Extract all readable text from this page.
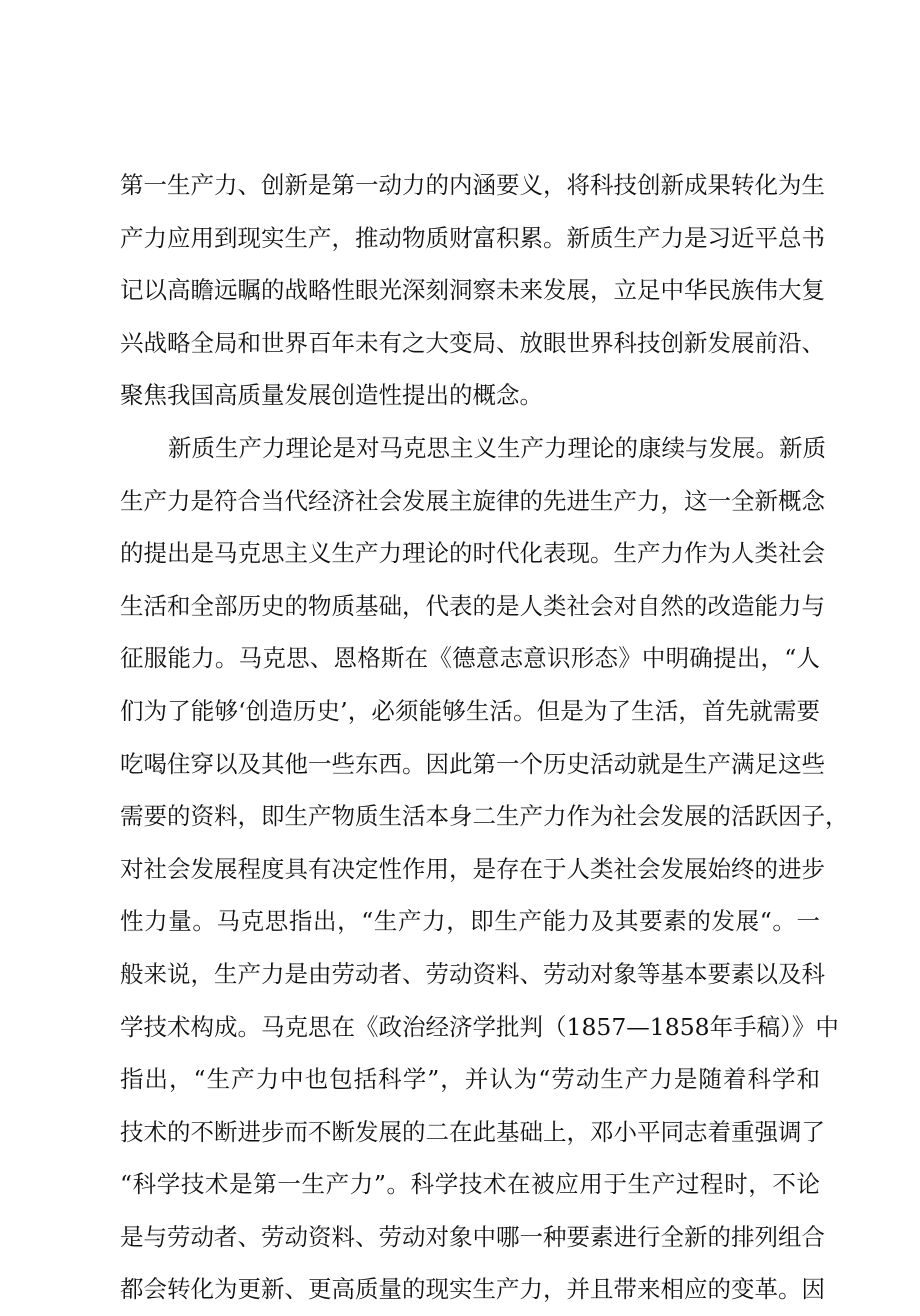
第一生产力、创新是第一动力的内涵要义，将科技创新成果转化为生
产力应用到现实生产，推动物质财富积累。新质生产力是习近平总书
记以高瞻远瞩的战略性眼光深刻洞察未来发展，立足中华民族伟大复
兴战略全局和世界百年未有之大变局、放眼世界科技创新发展前沿、
聚焦我国高质量发展创造性提出的概念。
新质生产力理论是对马克思主义生产力理论的康续与发展。新质
生产力是符合当代经济社会发展主旋律的先进生产力，这一全新概念
的提出是马克思主义生产力理论的时代化表现。生产力作为人类社会
生活和全部历史的物质基础，代表的是人类社会对自然的改造能力与
征服能力。马克思、恩格斯在《德意志意识形态》中明确提出，“人
们为了能够‘创造历史’，必须能够生活。但是为了生活，首先就需要
吃喝住穿以及其他一些东西。因此第一个历史活动就是生产满足这些
需要的资料，即生产物质生活本身二生产力作为社会发展的活跃因子，
对社会发展程度具有决定性作用，是存在于人类社会发展始终的进步
性力量。马克思指出，“生产力，即生产能力及其要素的发展“。一
般来说，生产力是由劳动者、劳动资料、劳动对象等基本要素以及科
学技术构成。马克思在《政治经济学批判（1857—1858年手稿）》中
指出，“生产力中也包括科学”，并认为“劳动生产力是随着科学和
技术的不断进步而不断发展的二在此基础上，邓小平同志着重强调了
“科学技术是第一生产力”。科学技术在被应用于生产过程时，不论
是与劳动者、劳动资料、劳动对象中哪一种要素进行全新的排列组合
都会转化为更新、更高质量的现实生产力，并且带来相应的变革。因
